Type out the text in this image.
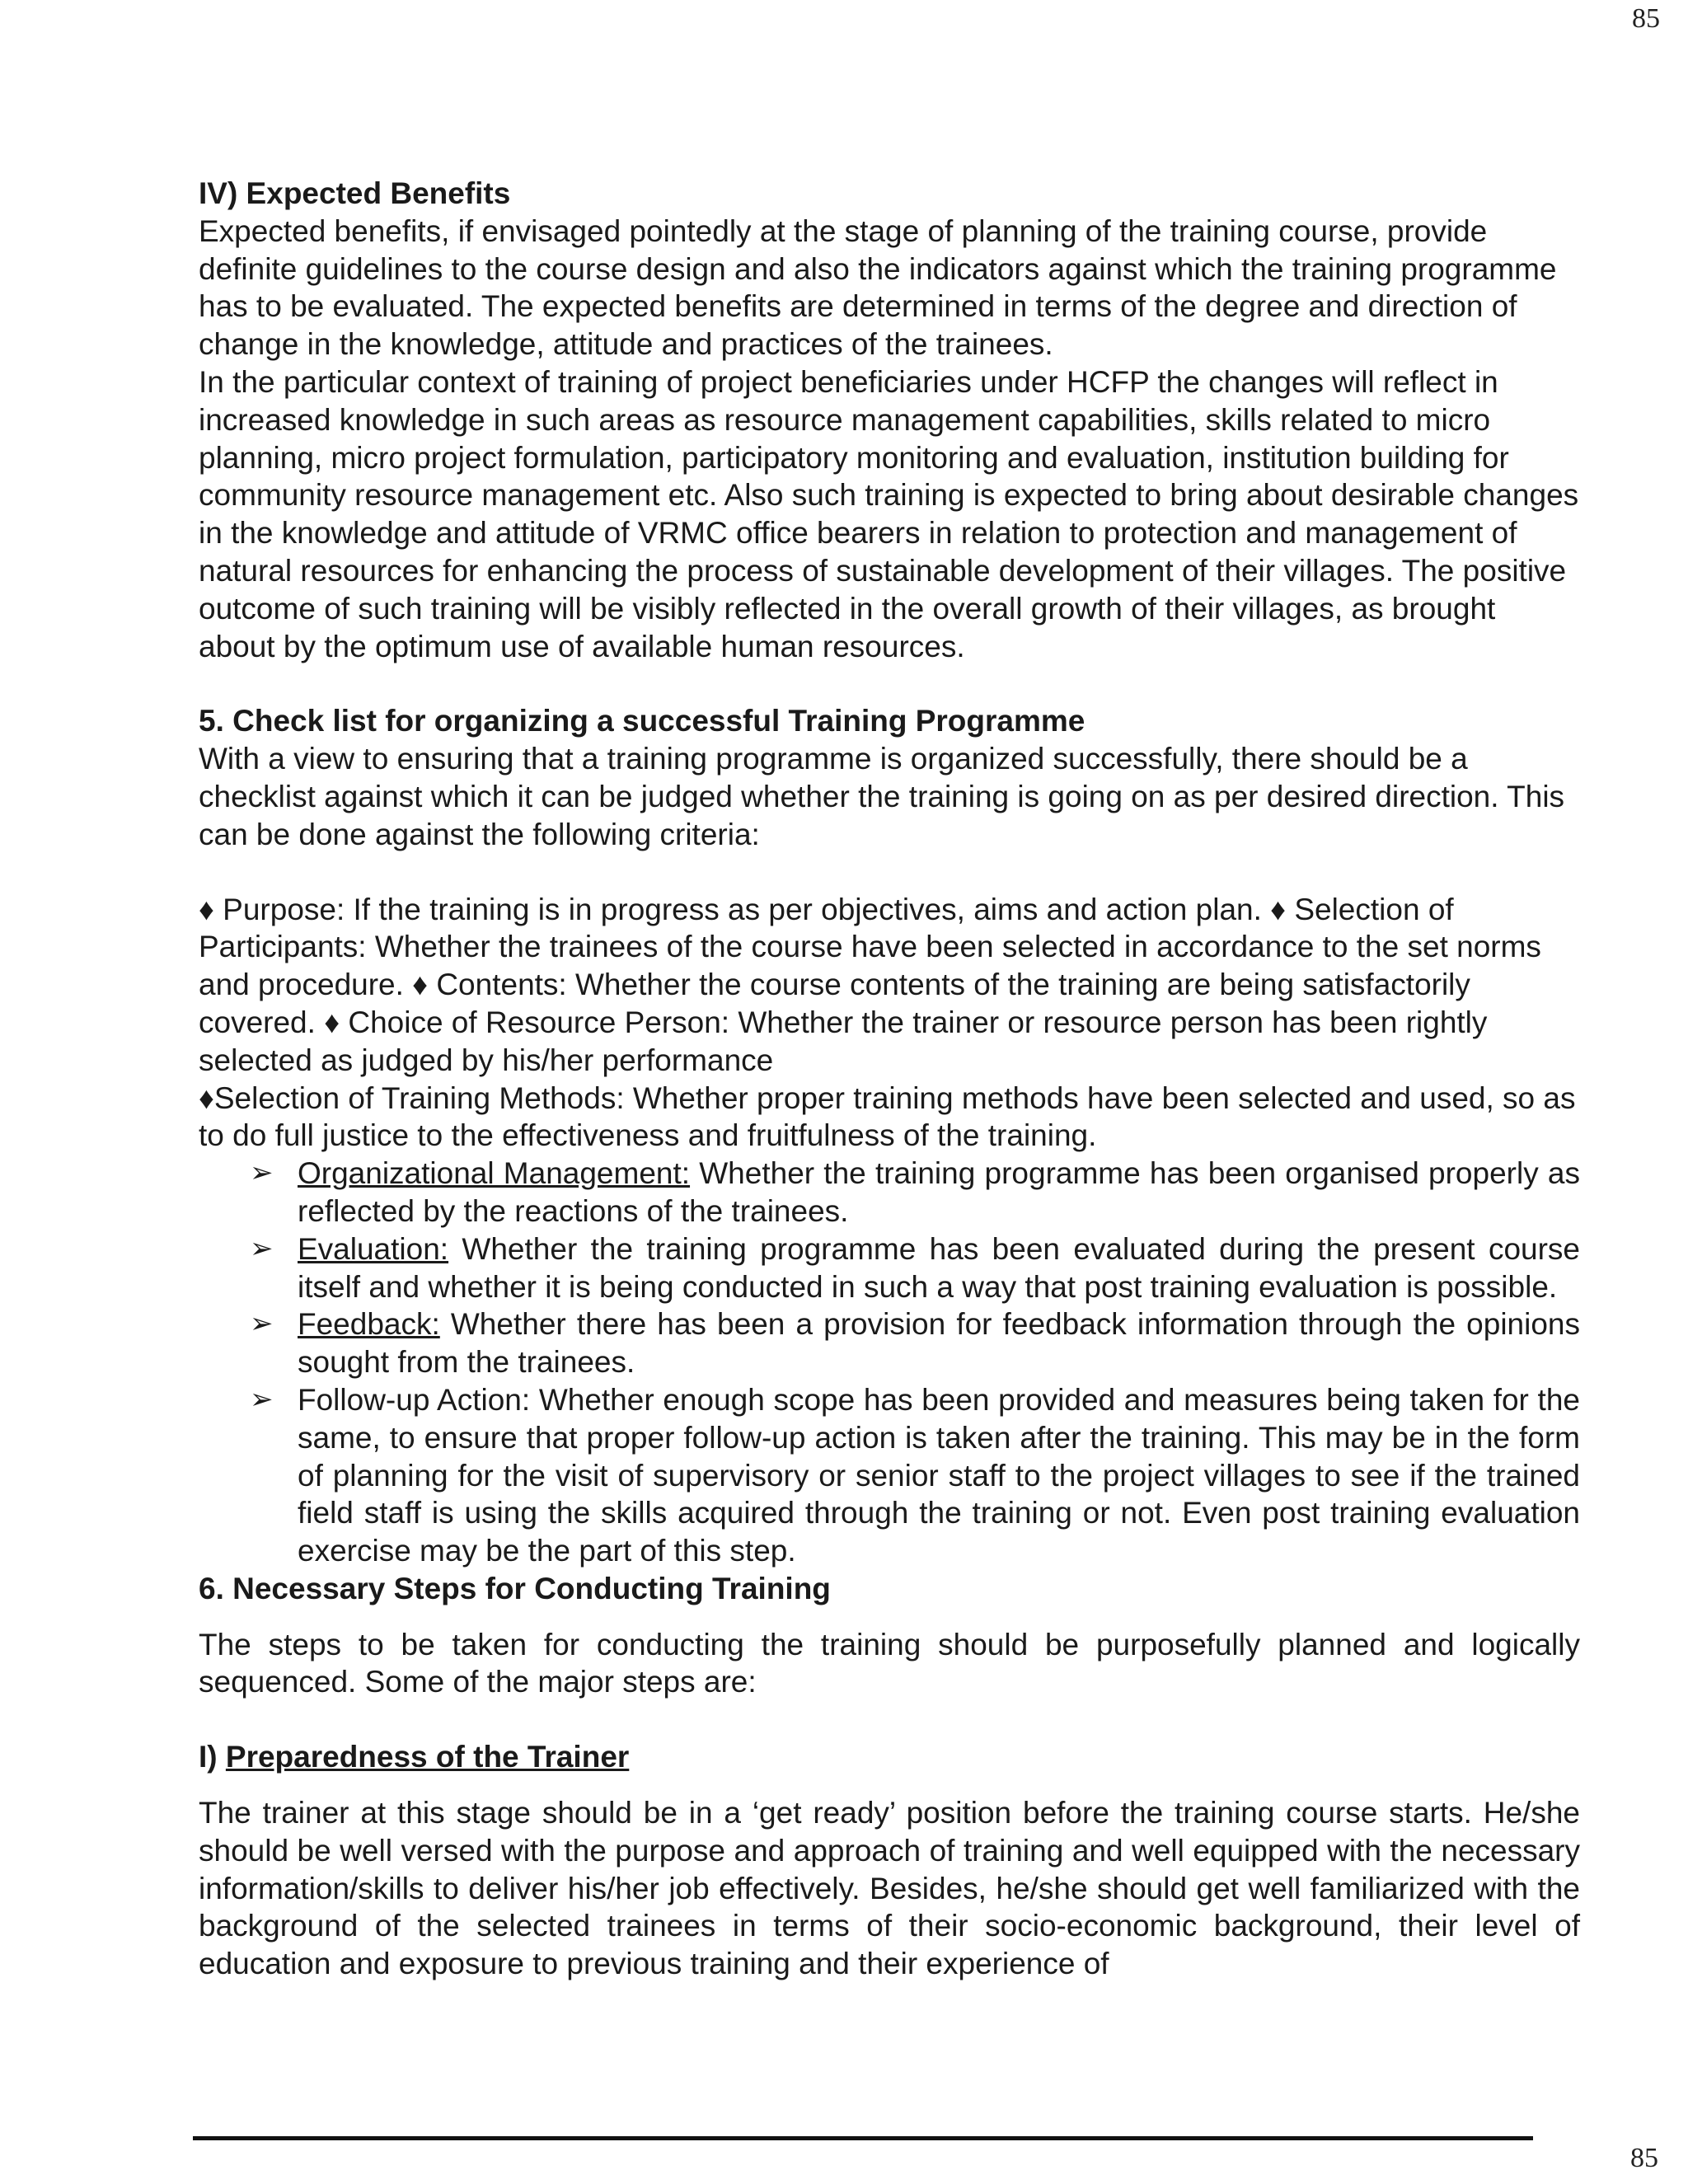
85

IV) Expected Benefits

Expected benefits, if envisaged pointedly at the stage of planning of the training course, provide definite guidelines to the course design and also the indicators against which the training programme has to be evaluated. The expected benefits are determined in terms of the degree and direction of change in the knowledge, attitude and practices of the trainees.

In the particular context of training of project beneficiaries under HCFP the changes will reflect in increased knowledge in such areas as resource management capabilities, skills related to micro planning, micro project formulation, participatory monitoring and evaluation, institution building for community resource management etc. Also such training is expected to bring about desirable changes in the knowledge and attitude of VRMC office bearers in relation to protection and management of natural resources for enhancing the process of sustainable development of their villages. The positive outcome of such training will be visibly reflected in the overall growth of their villages, as brought about by the optimum use of available human resources.

5. Check list for organizing a successful Training Programme

With a view to ensuring that a training programme is organized successfully, there should be a checklist against which it can be judged whether the training is going on as per desired direction. This can be done against the following criteria:

♦ Purpose: If the training is in progress as per objectives, aims and action plan. ♦ Selection of Participants: Whether the trainees of the course have been selected in accordance to the set norms and procedure. ♦ Contents: Whether the course contents of the training are being satisfactorily covered. ♦ Choice of Resource Person: Whether the trainer or resource person has been rightly selected as judged by his/her performance

♦Selection of Training Methods: Whether proper training methods have been selected and used, so as to do full justice to the effectiveness and fruitfulness of the training.

➢ Organizational Management: Whether the training programme has been organised properly as reflected by the reactions of the trainees.
➢ Evaluation: Whether the training programme has been evaluated during the present course itself and whether it is being conducted in such a way that post training evaluation is possible.
➢ Feedback: Whether there has been a provision for feedback information through the opinions sought from the trainees.
➢ Follow-up Action: Whether enough scope has been provided and measures being taken for the same, to ensure that proper follow-up action is taken after the training. This may be in the form of planning for the visit of supervisory or senior staff to the project villages to see if the trained field staff is using the skills acquired through the training or not. Even post training evaluation exercise may be the part of this step.

6. Necessary Steps for Conducting Training

The steps to be taken for conducting the training should be purposefully planned and logically sequenced. Some of the major steps are:

I) Preparedness of the Trainer

The trainer at this stage should be in a ‘get ready’ position before the training course starts. He/she should be well versed with the purpose and approach of training and well equipped with the necessary information/skills to deliver his/her job effectively. Besides, he/she should get well familiarized with the background of the selected trainees in terms of their socio-economic background, their level of education and exposure to previous training and their experience of

85
